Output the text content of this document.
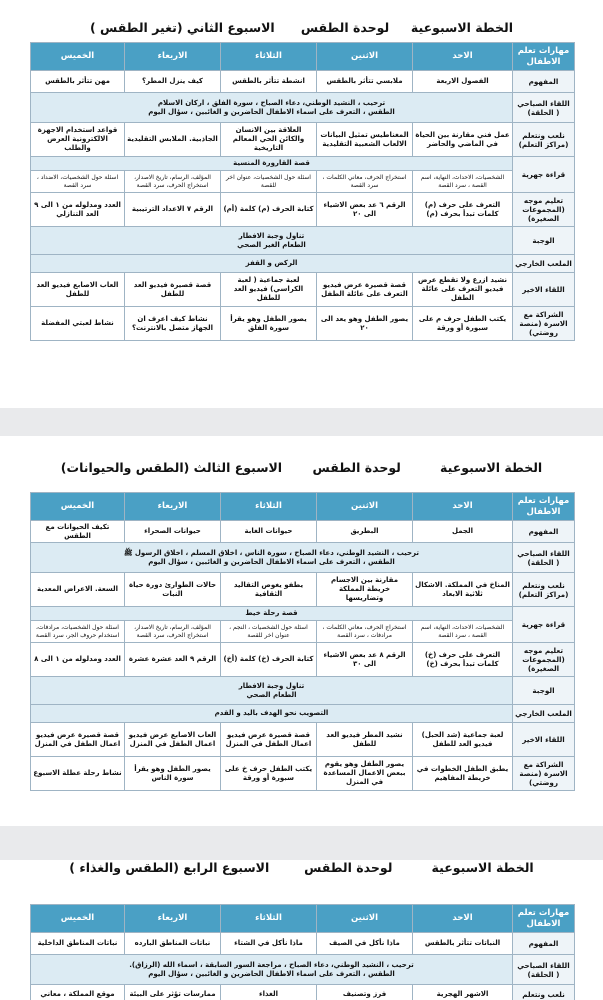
الخطة الاسبوعية     لوحدة الطقس      الاسبوع الثاني (تغير الطقس )
مهارات تعلم الاطفال	الاحد	الاثنين	الثلاثاء	الاربعاء	الخميس
المفهوم	الفصول الاربعة	ملابسي تتأثر بالطقس	انشطة تتأثر بالطقس	كيف ينزل المطر؟	مهن تتأثر بالطقس
اللقاء الصباحي ( الحلقة)	ترحيب ، النشيد الوطني، دعاء الصباح ، سورة الفلق ، اركان الاسلام
الطقس ، التعرف على اسماء الاطفال الحاضرين و الغائبين ، سؤال اليوم				

نلعب ونتعلم (مراكز التعلم)	عمل فني مقارنة بين الحياة في الماضي والحاضر	المغناطيس تمثيل البيانات الالعاب الشعبية التقليدية	العلاقة بين الانسان والكائن الحي المعالم التاريخية	الجاذبية. الملابس التقليدية	قواعد استخدام الاجهزة الالكترونية العرض والطلب
قراءة جهرية	قصة القارورة المنسية				
	الشخصيات، الاحداث، النهاية، اسم القصة ، سرد القصة	استخراج الحرف، معاني الكلمات ، سرد القصة	اسئلة حول الشخصيات، عنوان اخر للقصة	المؤلف، الرسام، تاريخ الاصدار، استخراج الحرف، سرد القصة	اسئلة حول الشخصيات، الاضداد ، سرد القصة
تعليم موجه (المجموعات الصغيرة)	التعرف على حرف (م) كلمات تبدأ بحرف (م)	الرقم ٦ عد بعض الاشياء الى ٢٠	كتابة الحرف (م) كلمة (أم)	الرقم ٧ الاعداد الترتيبية	العدد ومدلوله من ١ الى ٩ العد التنازلي
الوجبة	تناول وجبة الافطار
الطعام الغير الصحي				

الملعب الخارجي	الركض و القفز				

اللقاء الاخير	نشيد ازرع ولا تقطع عرض فيديو التعرف على عائلة الطفل	قصة قصيرة عرض فيديو التعرف على عائلة الطفل	لعبة جماعية ( لعبة الكراسي) فيديو العد للطفل	قصة قصيرة فيديو العد للطفل	العاب الاصابع فيديو العد للطفل
الشراكة مع الاسرة (منصة روضتي)	يكتب الطفل حرف م على سبورة أو ورقة	يصور الطفل وهو يعد الى ٢٠	يصور الطفل وهو يقرأ سورة الفلق	نشاط كيف اعرف ان الجهاز متصل بالانترنت؟	نشاط لعبتي المفضلة
الخطة الاسبوعية         لوحدة الطقس       الاسبوع الثالث (الطقس والحيوانات)
مهارات تعلم الاطفال	الاحد	الاثنين	الثلاثاء	الاربعاء	الخميس
المفهوم	الجمل	البطريق	حيوانات الغابة	حيوانات الصحراء	تكيف الحيوانات مع الطقس
اللقاء الصباحي ( الحلقة)	ترحيب ، النشيد الوطني، دعاء الصباح ، سورة الناس ، اخلاق المسلم ، اخلاق الرسول ﷺ
الطقس ، التعرف على اسماء الاطفال الحاضرين و الغائبين ، سؤال اليوم				

نلعب ونتعلم (مراكز التعلم)	المناخ في المملكة. الاشكال ثلاثية الابعاد	مقارنة بين الاجسام خريطة المملكة وتضاريسها	يطفو يغوص التقاليد الثقافية	حالات الطوارئ دورة حياة النبات	السعة. الاعراض المعدية
قراءة جهرية	قصة رحلة خيط				
	الشخصيات، الاحداث، النهاية، اسم القصة ، سرد القصة	استخراج الحرف، معاني الكلمات ، مرادفات ، سرد القصة	اسئلة حول الشخصيات ، النجم ، عنوان اخر للقصة	المؤلف، الرسام، تاريخ الاصدار، استخراج الحرف، سرد القصة	اسئلة حول الشخصيات، مرادفات، استخدام حروف الجر، سرد القصة
تعليم موجه (المجموعات الصغيرة)	التعرف على حرف (خ) كلمات تبدأ بحرف (خ)	الرقم ٨ عد بعض الاشياء الى ٣٠	كتابة الحرف (خ) كلمة (أخ)	الرقم ٩ العد عشرة عشرة	العدد ومدلوله من ١ الى ٨
الوجبة	تناول وجبة الافطار
الطعام الصحي				

الملعب الخارجي	التصويب نحو الهدف باليد و القدم				

اللقاء الاخير	لعبة جماعية (شد الحبل) فيديو العد للطفل	نشيد المطر فيديو العد للطفل	قصة قصيرة عرض فيديو اعمال الطفل في المنزل	العاب الاصابع عرض فيديو اعمال الطفل في المنزل	قصة قصيرة عرض فيديو اعمال الطفل في المنزل
الشراكة مع الاسرة (منصة روضتي)	يطبق الطفل الخطوات في خريطة المفاهيم	يصور الطفل وهو يقوم ببعض الاعمال المساعدة في المنزل	يكتب الطفل حرف خ على سبورة أو ورقة	يصور الطفل وهو يقرأ سورة الناس	نشاط رحلة عطلة الاسبوع
الخطة الاسبوعية         لوحدة الطقس        الاسبوع الرابع (الطقس والغذاء )
مهارات تعلم الاطفال	الاحد	الاثنين	الثلاثاء	الاربعاء	الخميس
المفهوم	النباتات تتأثر بالطقس	ماذا نأكل في الصيف	ماذا نأكل في الشتاء	نباتات المناطق البارده	نباتات المناطق الداخلية
اللقاء الصباحي ( الحلقة)	ترحيب ، النشيد الوطني، دعاء الصباح ، مراجعة السور السابقة ، اسماء الله (الرزاق).
الطقس ، التعرف على اسماء الاطفال الحاضرين و الغائبين ، سؤال اليوم				

نلعب ونتعلم	الاشهر الهجرية	فرز وتصنيف	الغذاء	ممارسات تؤثر على البيئة	موقع المملكة ، معاني
